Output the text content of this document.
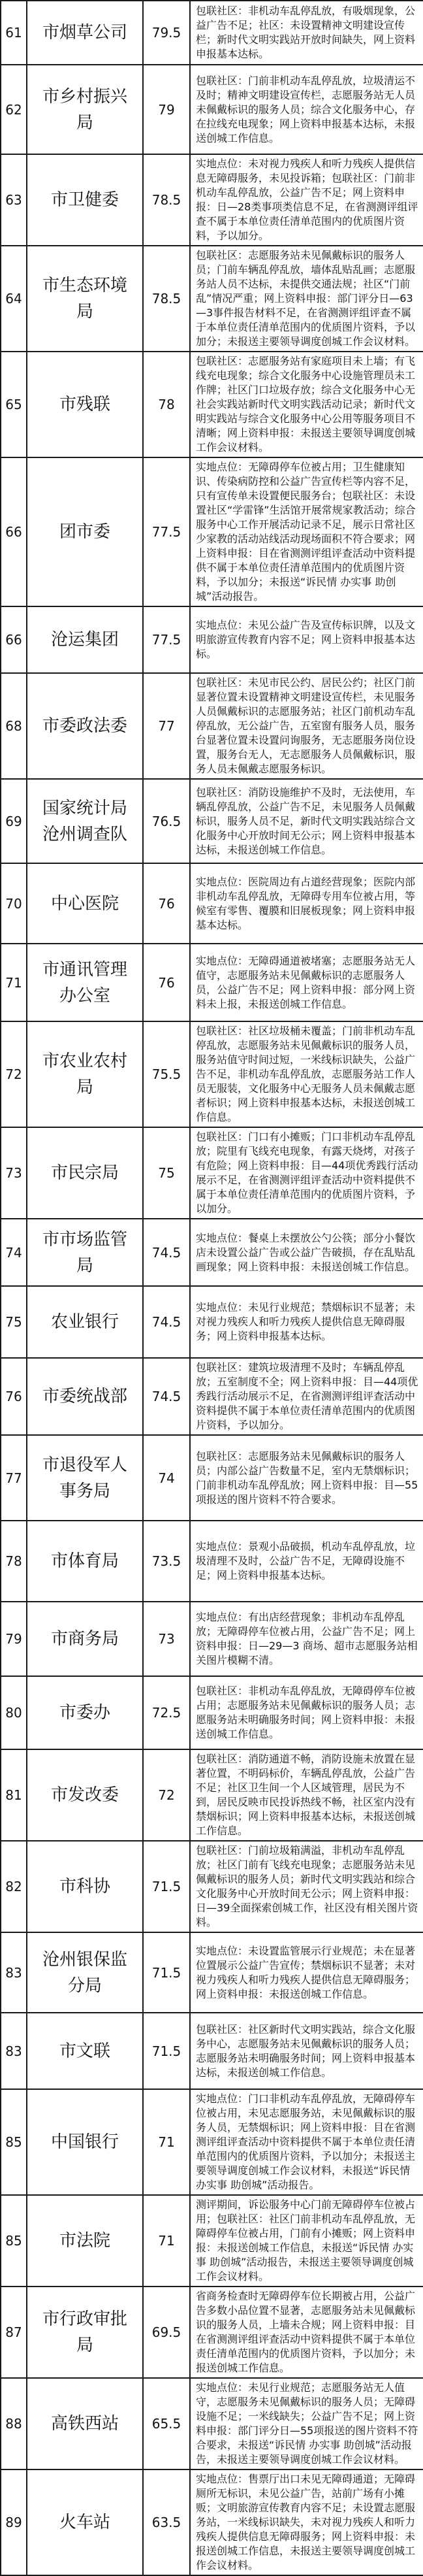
61	市烟草公司	79.5	包联社区：非机动车乱停乱放，有吸烟现象，公益广告不足；社区：未设置精神文明建设宣传栏；新时代文明实践站开放时间缺失，网上资料申报基本达标。
62	市乡村振兴局	79	包联社区：门前非机动车乱停乱放，垃圾清运不及时；精神文明建设宣传栏，志愿服务站无人员未佩戴标识的服务人员；综合文化服务中心，存在拉线充电现象；网上资料申报基本达标，未报送创城工作信息。
63	市卫健委	78.5	实地点位：未对视力残疾人和听力残疾人提供信息无障碍服务，未见投诉箱；包联社区：门前非机动车乱停乱放，公益广告不足；网上资料申报：日—28类事项类信息不足，在省测测评组评查不属于本单位责任清单范围内的优质图片资料，予以加分。
64	市生态环境局	78.5	包联社区：志愿服务站未见佩戴标识的服务人员；门前车辆乱停乱放，墙体乱贴乱画；志愿服务站人员不达标，未提供交通法规；社区“门前乱”情况严重；网上资料申报：部门评分日—63—3事件报告材料不足，在省测测评组评查不属于本单位责任清单范围内的优质图片资料，予以加分；未报送主要领导调度创城工作会议材料。
65	市残联	78	包联社区：志愿服务站有家庭项目未上墙；有飞线充电现象；综合文化服务中心设施管理员未工作牌；社区门口垃圾存放；综合文化服务中心无社会实践站新时代文明实践活动记录；新时代文明实践站与综合文化服务中心公用等服务项目不清晰；网上资料申报：未报送主要领导调度创城工作会议材料。
66	团市委	77.5	实地点位：无障碍停车位被占用；卫生健康知识、传染病防控和公益广告宣传栏等内容不足，只有宣传单未设置便民服务台；包联社区：未设置社区“学雷锋”生活馆开展常规家教活动；综合服务中心工作开展活动记录不足，展示日常社区少家教的活动站线活动现场面积不符合要求；网上资料申报：目在省测测评组评查活动中资料提供不属于本单位责任清单范围内的优质图片资料，予以加分；未报送“诉民情 办实事 助创城”活动报告。
66	沧运集团	77.5	实地点位：未见公益广告及宣传标识牌，以及文明旅游宣传教育内容不足；网上资料申报基本达标。
68	市委政法委	77	包联社区：未见市民公约、居民公约；社区门前显著位置未设置精神文明建设宣传栏，未见服务人员佩戴标识的志愿服务站；社区门前机动车乱停乱放，无公益广告，五室窗有服务人员，服务台显著位置未设置问询服务，无志愿服务岗位设置，服务台无人，无志愿服务人员佩戴标识，服务人员未佩戴志愿服务标识。
69	国家统计局沧州调查队	76.5	包联社区：消防设施维护不及时，无法使用，车辆乱停乱放，公益广告不足，未见服务人员佩戴标识，服务人员不足，新时代文明实践站综合文化服务中心开放时间无公示；网上资料申报基本达标，未报送创城工作信息。
70	中心医院	76	实地点位：医院周边有占道经营现象；医院内部非机动车乱停乱放，无障碍专用车位被占用，等候室有零售、覆膜和旧展板现象；网上资料申报基本达标。
71	市通讯管理办公室	76	实地点位：无障碍通道被堵塞；志愿服务站无人值守，志愿服务站未见佩戴标识的志愿服务人员，公益广告不足；网上资料申报：部分网上资料未上报，未报送创城工作信息。
72	市农业农村局	75.5	包联社区：社区垃圾桶未覆盖；门前非机动车乱停乱放，志愿服务站未见佩戴标识的服务人员，服务站值守时间过短，一米线标识缺失，公益广告不足，非机动车乱停乱放，志愿服务站工作人员无服装，文化服务中心无服务人员未佩戴志愿者标识；网上资料申报基本达标，未报送创城工作信息。
73	市民宗局	75	包联社区：门口有小摊贩；门口非机动车乱停乱放；院里有飞线充电现象，有露天烧烤，对孩子有危险；网上资料申报：目—44项优秀践行活动展示不足，在省测测评组评查活动中资料提供不属于本单位责任清单范围内的优质图片资料，予以加分。
74	市市场监管局	74.5	实地点位：餐桌上未摆放公勺公筷；部分小餐饮店未设置公益广告或公益广告破损，存在乱贴乱画现象；网上资料申报：未报送创城工作信息。
75	农业银行	74.5	实地点位：未见行业规范；禁烟标识不显著；未对视力残疾人和听力残疾人提供信息无障碍服务；网上资料申报基本达标。
76	市委统战部	74.5	包联社区：建筑垃圾清理不及时；车辆乱停乱放；五室制度不全；网上资料申报：目—44项优秀践行活动展示不足，在省测测评组评查活动中资料提供不属于本单位责任清单范围内的优质图片资料，予以加分。
77	市退役军人事务局	74	包联社区：志愿服务站未见佩戴标识的服务人员；内部公益广告数量不足，室内无禁烟标识；门前非机动车乱停乱放；网上资料申报：目—55项报送的图片资料不符合要求。
78	市体育局	73.5	实地点位：景观小品破损，机动车乱停乱放，垃圾清理不及时，公益广告不足，无障碍设施不足；网上资料申报基本达标。
79	市商务局	73	实地点位：有出店经营现象；非机动车乱停乱放；无障碍停车位被占用，公益广告不足；网上资料申报：日—29—3 商场、超市志愿服务站相关图片模糊不清。
80	市委办	72.5	包联社区：非机动车乱停乱放，无障碍停车位被占用；志愿服务站未见佩戴标识的服务人员；志愿服务站未明确服务时间；网上资料申报：未报送创城工作信息。
81	市发改委	72	包联社区：消防通道不畅，消防设施未放置在显著位置，不明码标价，车辆乱停乱放，公益广告不足；社区卫生间一个人区域管理，居民为不到，居民反映市民投诉热线不畅，社区室内没有禁烟标识；网上资料申报基本达标，未报送创城工作信息。
82	市科协	71.5	包联社区：门前垃圾箱满溢，非机动车乱停乱放；社区门前有飞线充电现象；志愿服务站未见佩戴标识的服务人员；新时代文明实践站和综合文化服务中心开放时间无公示；网上资料申报：日—39全面探索创城工作，社区没有相关图片资料。
83	沧州银保监分局	71.5	实地点位：未设置监管展示行业规范；未在显著位置展示公益广告宣传；禁烟标识不显著；未对视力残疾人和听力残疾人提供信息无障碍服务；网上资料申报：未报送创城工作信息。
83	市文联	71.5	包联社区：社区新时代文明实践站，综合文化服务中心，志愿服务站未见佩戴标识的服务人员；志愿服务站未明确服务时间；网上资料申报基本达标，未报送创城工作信息。
85	中国银行	71	实地点位：门口非机动车乱停乱放，无障碍停车位被占用，未见志愿服务站，未见佩戴标识的服务人员，无禁烟标识；网上资料申报：目在省测测评组评查活动中资料提供不属于本单位责任清单范围内的优质图片资料，予以加分；未报送主要领导调度创城工作会议材料，未报送“诉民情 办实事 助创城”活动报告。
85	市法院	71	测评期间，诉讼服务中心门前无障碍停车位被占用；包联社区：社区门前非机动车乱停乱放，无障碍停车位被占用，门前有小摊贩；网上资料申报：未报送创城工作信息，未报送“诉民情 办实事 助创城”活动报告，未报送主要领导调度创城工作会议材料。
87	市行政审批局	69.5	省商务检查时无障碍停车位长期被占用，公益广告多数小品位置不显著，志愿服务站未见佩戴标识的服务人员，上墙未合规；网上资料申报：目在省测测评组评查活动中资料提供不属于本单位责任清单范围内的优质图片资料，予以加分；未报送创城工作信息。
88	高铁西站	65.5	实地点位：未见行业规范；志愿服务站无人值守，志愿服务未见佩戴标识的服务人员；无障碍设施不足；一米线缺失；公益广告不足；网上资料申报：部门评分日—55项报送的图片资料不符合要求，未报送“诉民情 办实事 助创城”活动报告，未报送主要领导调度创城工作会议材料。
89	火车站	63.5	实地点位：售票厅出口未见无障碍通道；无障碍厕所无标识，未见公益广告，站前广场有小摊贩；文明旅游宣传教育内容不足；未设置志愿服务站，一米线标识缺失，未对视力残疾人和听力残疾人提供信息无障碍服务；网上资料申报：未报送创城工作信息，未报送主要领导调度创城工作会议材料。
